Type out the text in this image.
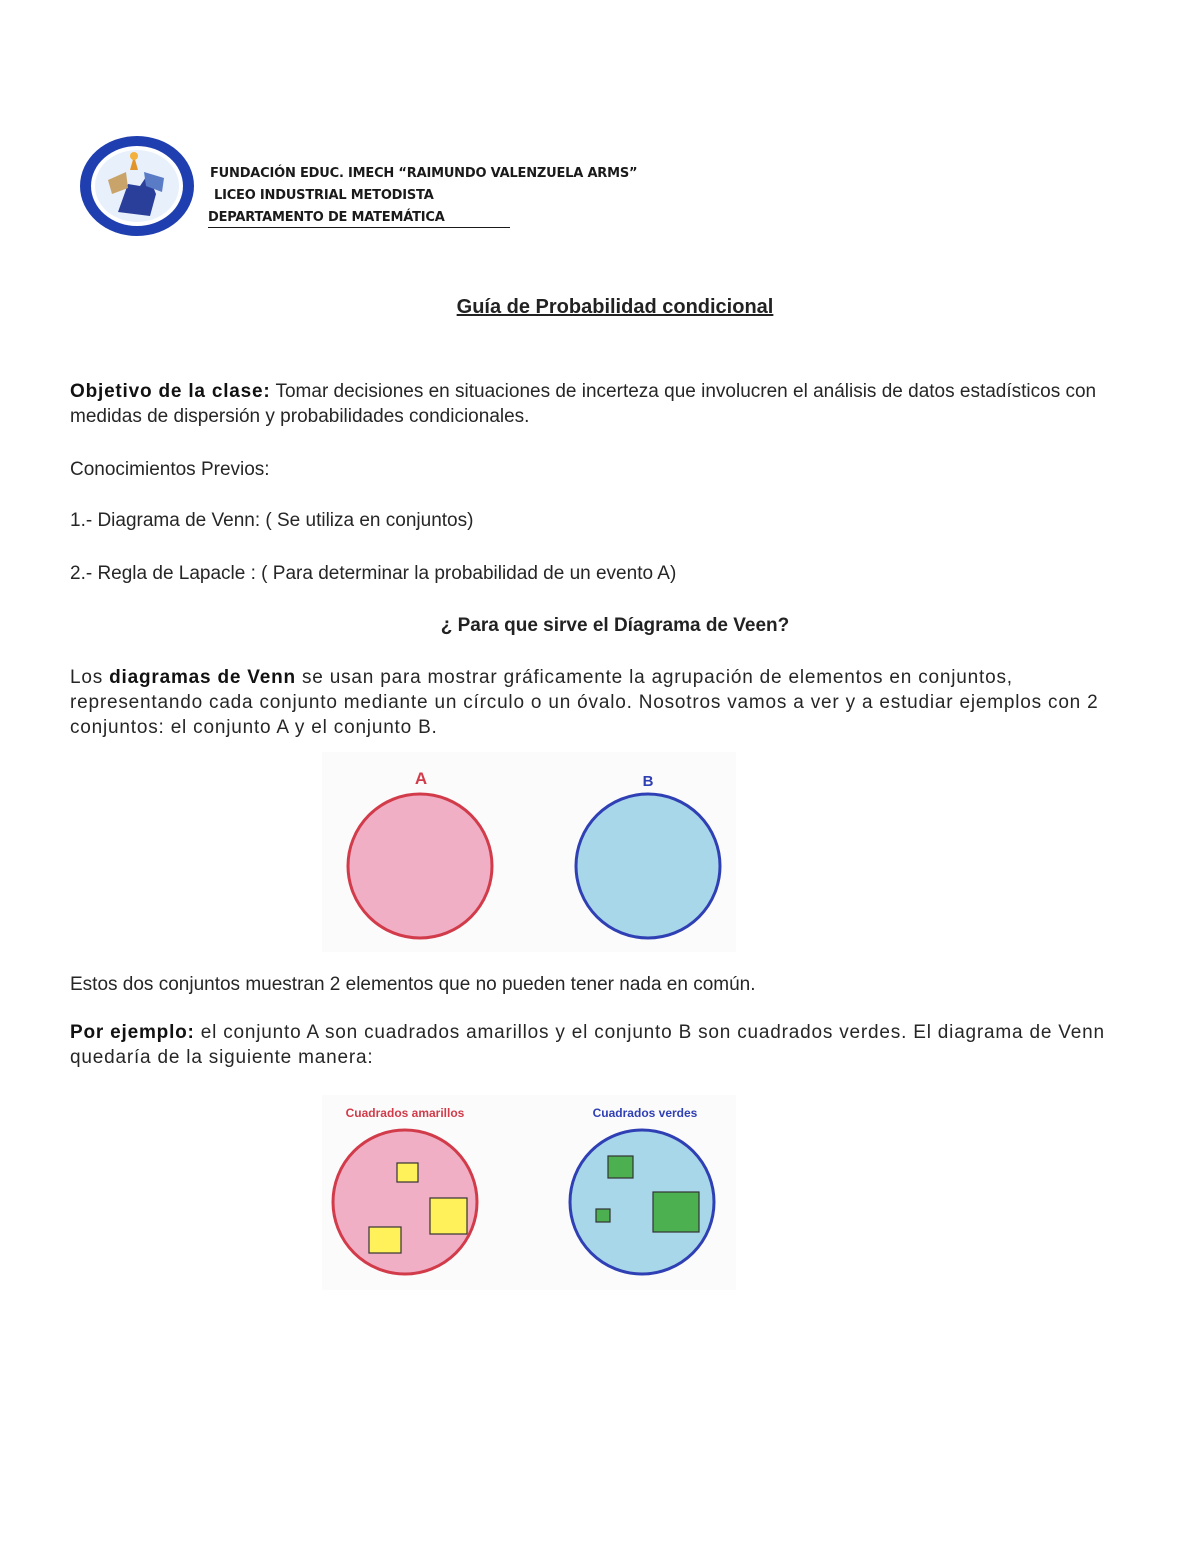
FUNDACIÓN EDUC. IMECH “RAIMUNDO VALENZUELA ARMS”
LICEO INDUSTRIAL METODISTA
DEPARTAMENTO DE MATEMÁTICA
Guía de Probabilidad condicional
Objetivo de la clase: Tomar decisiones en situaciones de incerteza que involucren el análisis de datos estadísticos con medidas de dispersión y probabilidades condicionales.
Conocimientos Previos:
1.- Diagrama de Venn: ( Se utiliza en conjuntos)
2.- Regla de Lapacle : ( Para determinar la probabilidad de un evento A)
¿ Para que sirve el Díagrama de Veen?
Los diagramas de Venn se usan para mostrar gráficamente la agrupación de elementos en conjuntos, representando cada conjunto mediante un círculo o un óvalo. Nosotros vamos a ver y a estudiar ejemplos con 2 conjuntos: el conjunto A y el conjunto B.
A	B
Estos dos conjuntos muestran 2 elementos que no pueden tener nada en común.
Por ejemplo: el conjunto A son cuadrados amarillos y el conjunto B son cuadrados verdes. El diagrama de Venn quedaría de la siguiente manera:
Cuadrados amarillos	Cuadrados verdes
